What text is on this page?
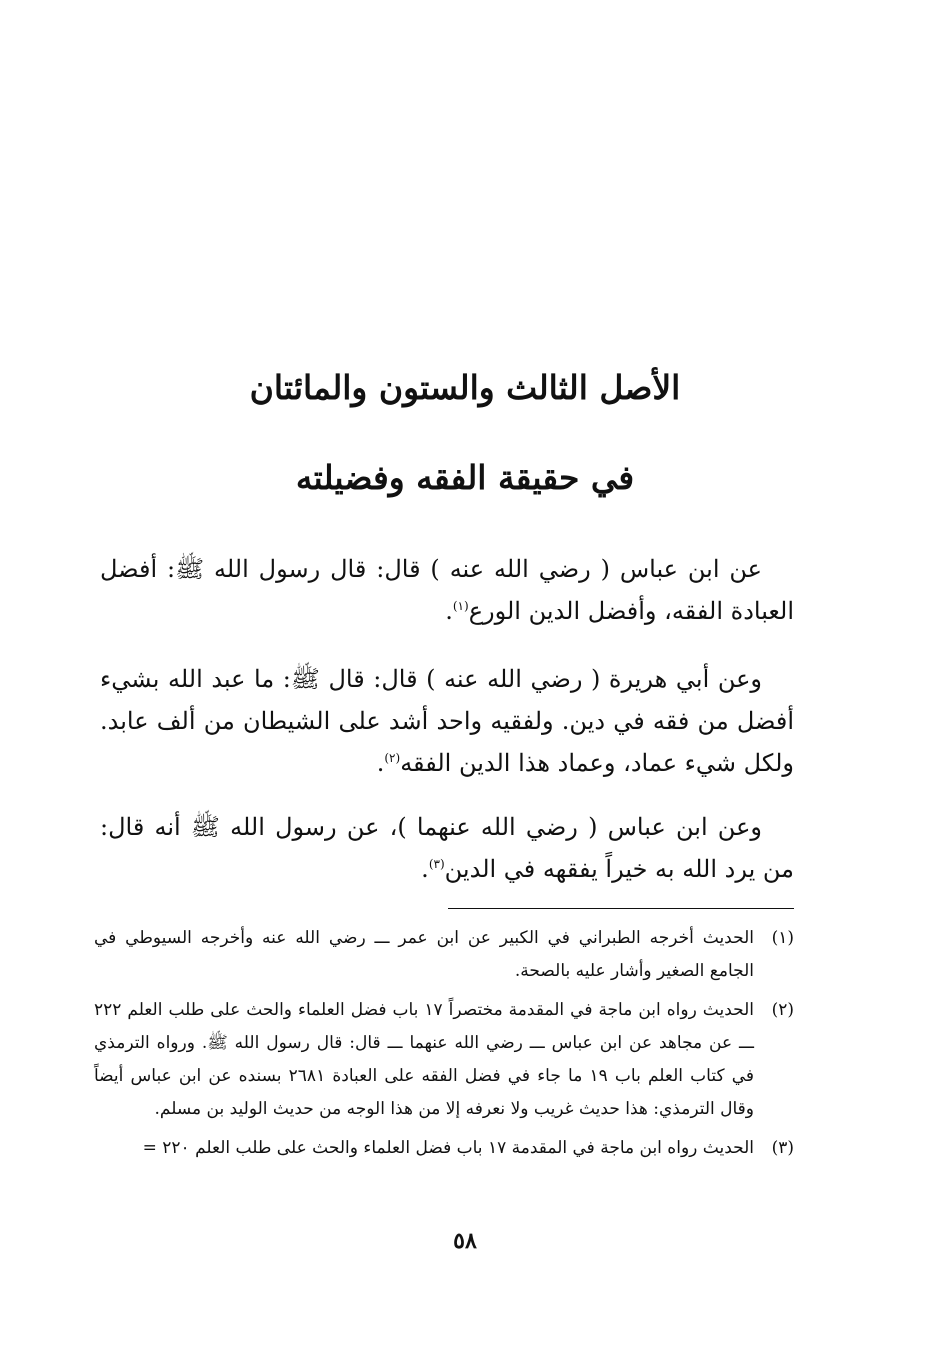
الأصل الثالث والستون والمائتان
في حقيقة الفقه وفضيلته

عن ابن عباس ( رضي الله عنه ) قال: قال رسول الله ﷺ: أفضل العبادة الفقه، وأفضل الدين الورع$^{(١)}$.

وعن أبي هريرة ( رضي الله عنه ) قال: قال ﷺ: ما عبد الله بشيء أفضل من فقه في دين. ولفقيه واحد أشد على الشيطان من ألف عابد. ولكل شيء عماد، وعماد هذا الدين الفقه$^{(٢)}$.

وعن ابن عباس ( رضي الله عنهما )، عن رسول الله ﷺ أنه قال: من يرد الله به خيراً يفقهه في الدين$^{(٣)}$.

(١)
الحديث أخرجه الطبراني في الكبير عن ابن عمر ـــ رضي الله عنه وأخرجه السيوطي في الجامع الصغير وأشار عليه بالصحة.
(٢)
الحديث رواه ابن ماجة في المقدمة مختصراً ١٧ باب فضل العلماء والحث على طلب العلم ٢٢٢ ـــ عن مجاهد عن ابن عباس ـــ رضي الله عنهما ـــ قال: قال رسول الله ﷺ. ورواه الترمذي في كتاب العلم باب ١٩ ما جاء في فضل الفقه على العبادة ٢٦٨١ بسنده عن ابن عباس أيضاً وقال الترمذي: هذا حديث غريب ولا نعرفه إلا من هذا الوجه من حديث الوليد بن مسلم.
(٣)
الحديث رواه ابن ماجة في المقدمة ١٧ باب فضل العلماء والحث على طلب العلم ٢٢٠ =
٥٨
